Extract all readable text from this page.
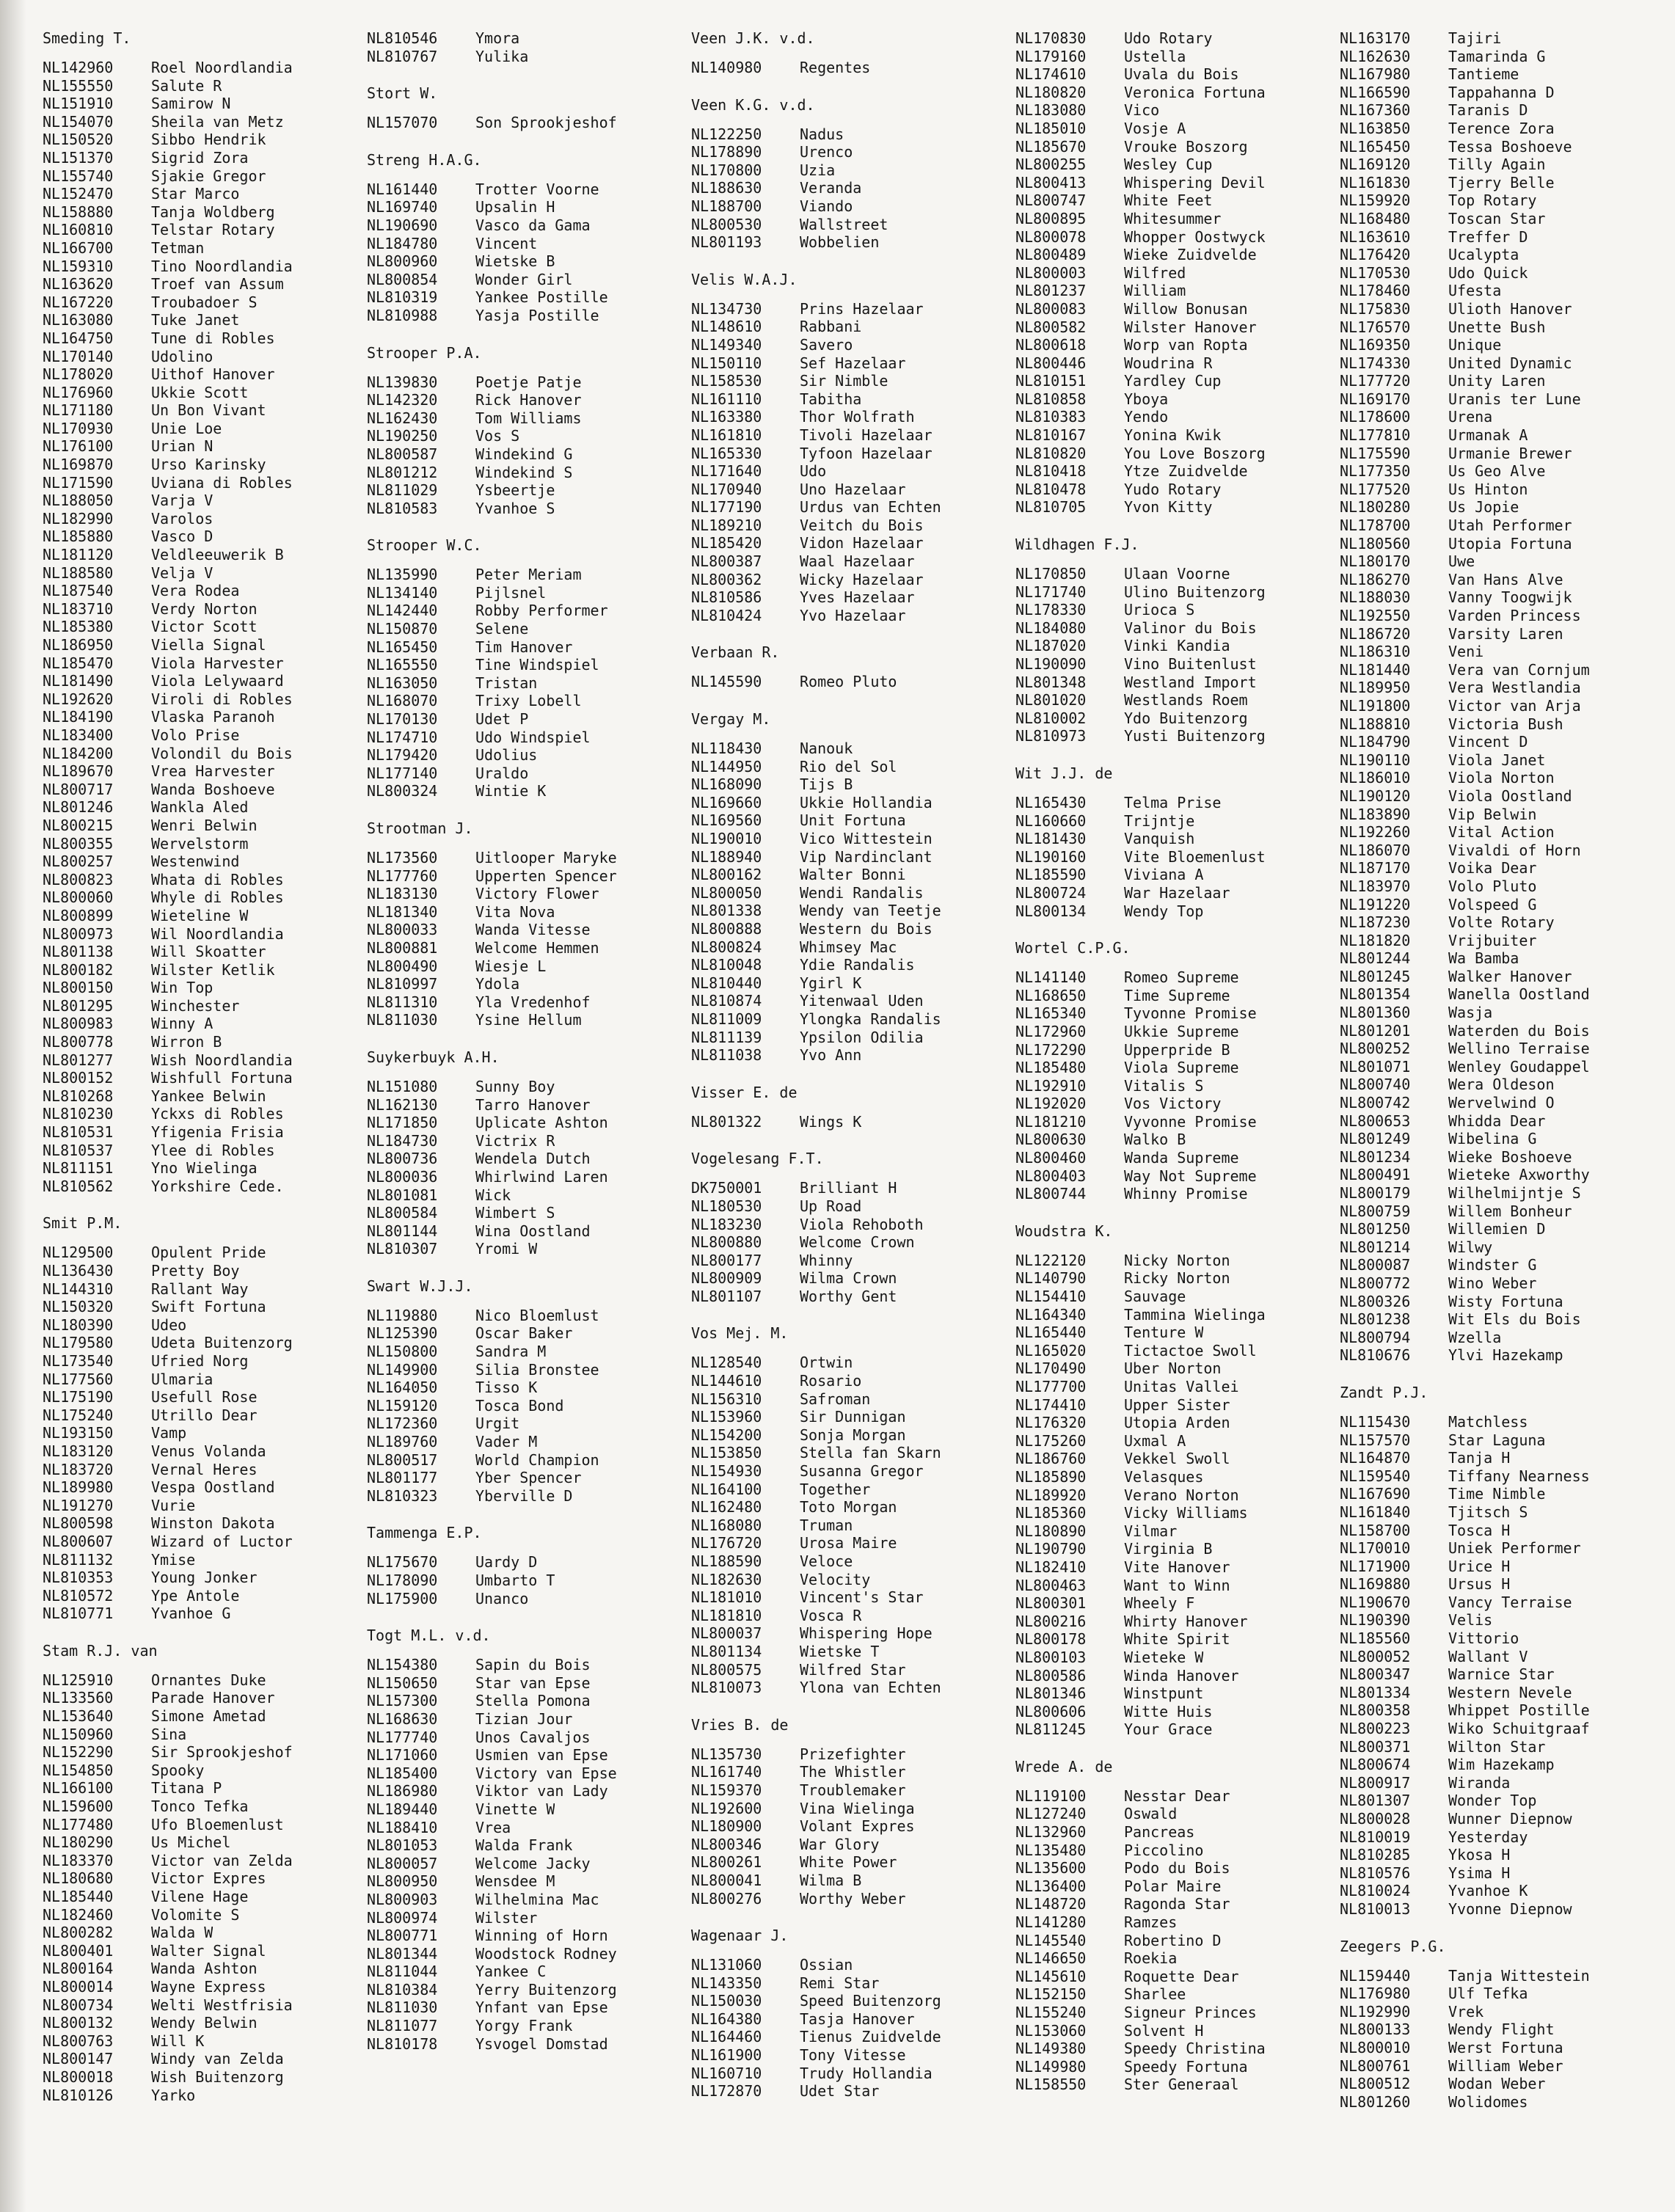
Smeding T.
NL142960	Roel Noordlandia
NL155550	Salute R
NL151910	Samirow N
NL154070	Sheila van Metz
NL150520	Sibbo Hendrik
NL151370	Sigrid Zora
NL155740	Sjakie Gregor
NL152470	Star Marco
NL158880	Tanja Woldberg
NL160810	Telstar Rotary
NL166700	Tetman
NL159310	Tino Noordlandia
NL163620	Troef van Assum
NL167220	Troubadoer S
NL163080	Tuke Janet
NL164750	Tune di Robles
NL170140	Udolino
NL178020	Uithof Hanover
NL176960	Ukkie Scott
NL171180	Un Bon Vivant
NL170930	Unie Loe
NL176100	Urian N
NL169870	Urso Karinsky
NL171590	Uviana di Robles
NL188050	Varja V
NL182990	Varolos
NL185880	Vasco D
NL181120	Veldleeuwerik B
NL188580	Velja V
NL187540	Vera Rodea
NL183710	Verdy Norton
NL185380	Victor Scott
NL186950	Viella Signal
NL185470	Viola Harvester
NL181490	Viola Lelywaard
NL192620	Viroli di Robles
NL184190	Vlaska Paranoh
NL183400	Volo Prise
NL184200	Volondil du Bois
NL189670	Vrea Harvester
NL800717	Wanda Boshoeve
NL801246	Wankla Aled
NL800215	Wenri Belwin
NL800355	Wervelstorm
NL800257	Westenwind
NL800823	Whata di Robles
NL800060	Whyle di Robles
NL800899	Wieteline W
NL800973	Wil Noordlandia
NL801138	Will Skoatter
NL800182	Wilster Ketlik
NL800150	Win Top
NL801295	Winchester
NL800983	Winny A
NL800778	Wirron B
NL801277	Wish Noordlandia
NL800152	Wishfull Fortuna
NL810268	Yankee Belwin
NL810230	Yckxs di Robles
NL810531	Yfigenia Frisia
NL810537	Ylee di Robles
NL811151	Yno Wielinga
NL810562	Yorkshire Cede.
Smit P.M.
NL129500	Opulent Pride
NL136430	Pretty Boy
NL144310	Rallant Way
NL150320	Swift Fortuna
NL180390	Udeo
NL179580	Udeta Buitenzorg
NL173540	Ufried Norg
NL177560	Ulmaria
NL175190	Usefull Rose
NL175240	Utrillo Dear
NL193150	Vamp
NL183120	Venus Volanda
NL183720	Vernal Heres
NL189980	Vespa Oostland
NL191270	Vurie
NL800598	Winston Dakota
NL800607	Wizard of Luctor
NL811132	Ymise
NL810353	Young Jonker
NL810572	Ype Antole
NL810771	Yvanhoe G
Stam R.J. van
NL125910	Ornantes Duke
NL133560	Parade Hanover
NL153640	Simone Ametad
NL150960	Sina
NL152290	Sir Sprookjeshof
NL154850	Spooky
NL166100	Titana P
NL159600	Tonco Tefka
NL177480	Ufo Bloemenlust
NL180290	Us Michel
NL183370	Victor van Zelda
NL180680	Victor Expres
NL185440	Vilene Hage
NL182460	Volomite S
NL800282	Walda W
NL800401	Walter Signal
NL800164	Wanda Ashton
NL800014	Wayne Express
NL800734	Welti Westfrisia
NL800132	Wendy Belwin
NL800763	Will K
NL800147	Windy van Zelda
NL800018	Wish Buitenzorg
NL810126	Yarko
NL810546	Ymora
NL810767	Yulika
Stort W.
NL157070	Son Sprookjeshof
Streng H.A.G.
NL161440	Trotter Voorne
NL169740	Upsalin H
NL190690	Vasco da Gama
NL184780	Vincent
NL800960	Wietske B
NL800854	Wonder Girl
NL810319	Yankee Postille
NL810988	Yasja Postille
Strooper P.A.
NL139830	Poetje Patje
NL142320	Rick Hanover
NL162430	Tom Williams
NL190250	Vos S
NL800587	Windekind G
NL801212	Windekind S
NL811029	Ysbeertje
NL810583	Yvanhoe S
Strooper W.C.
NL135990	Peter Meriam
NL134140	Pijlsnel
NL142440	Robby Performer
NL150870	Selene
NL165450	Tim Hanover
NL165550	Tine Windspiel
NL163050	Tristan
NL168070	Trixy Lobell
NL170130	Udet P
NL174710	Udo Windspiel
NL179420	Udolius
NL177140	Uraldo
NL800324	Wintie K
Strootman J.
NL173560	Uitlooper Maryke
NL177760	Upperten Spencer
NL183130	Victory Flower
NL181340	Vita Nova
NL800033	Wanda Vitesse
NL800881	Welcome Hemmen
NL800490	Wiesje L
NL810997	Ydola
NL811310	Yla Vredenhof
NL811030	Ysine Hellum
Suykerbuyk A.H.
NL151080	Sunny Boy
NL162130	Tarro Hanover
NL171850	Uplicate Ashton
NL184730	Victrix R
NL800736	Wendela Dutch
NL800036	Whirlwind Laren
NL801081	Wick
NL800584	Wimbert S
NL801144	Wina Oostland
NL810307	Yromi W
Swart W.J.J.
NL119880	Nico Bloemlust
NL125390	Oscar Baker
NL150800	Sandra M
NL149900	Silia Bronstee
NL164050	Tisso K
NL159120	Tosca Bond
NL172360	Urgit
NL189760	Vader M
NL800517	World Champion
NL801177	Yber Spencer
NL810323	Yberville D
Tammenga E.P.
NL175670	Uardy D
NL178090	Umbarto T
NL175900	Unanco
Togt M.L. v.d.
NL154380	Sapin du Bois
NL150650	Star van Epse
NL157300	Stella Pomona
NL168630	Tizian Jour
NL177740	Unos Cavaljos
NL171060	Usmien van Epse
NL185400	Victory van Epse
NL186980	Viktor van Lady
NL189440	Vinette W
NL188410	Vrea
NL801053	Walda Frank
NL800057	Welcome Jacky
NL800950	Wensdee M
NL800903	Wilhelmina Mac
NL800974	Wilster
NL800771	Winning of Horn
NL801344	Woodstock Rodney
NL811044	Yankee C
NL810384	Yerry Buitenzorg
NL811030	Ynfant van Epse
NL811077	Yorgy Frank
NL810178	Ysvogel Domstad
Veen J.K. v.d.
NL140980	Regentes
Veen K.G. v.d.
NL122250	Nadus
NL178890	Urenco
NL170800	Uzia
NL188630	Veranda
NL188700	Viando
NL800530	Wallstreet
NL801193	Wobbelien
Velis W.A.J.
NL134730	Prins Hazelaar
NL148610	Rabbani
NL149340	Savero
NL150110	Sef Hazelaar
NL158530	Sir Nimble
NL161110	Tabitha
NL163380	Thor Wolfrath
NL161810	Tivoli Hazelaar
NL165330	Tyfoon Hazelaar
NL171640	Udo
NL170940	Uno Hazelaar
NL177190	Urdus van Echten
NL189210	Veitch du Bois
NL185420	Vidon Hazelaar
NL800387	Waal Hazelaar
NL800362	Wicky Hazelaar
NL810586	Yves Hazelaar
NL810424	Yvo Hazelaar
Verbaan R.
NL145590	Romeo Pluto
Vergay M.
NL118430	Nanouk
NL144950	Rio del Sol
NL168090	Tijs B
NL169660	Ukkie Hollandia
NL169560	Unit Fortuna
NL190010	Vico Wittestein
NL188940	Vip Nardinclant
NL800162	Walter Bonni
NL800050	Wendi Randalis
NL801338	Wendy van Teetje
NL800888	Western du Bois
NL800824	Whimsey Mac
NL810048	Ydie Randalis
NL810440	Ygirl K
NL810874	Yitenwaal Uden
NL811009	Ylongka Randalis
NL811139	Ypsilon Odilia
NL811038	Yvo Ann
Visser E. de
NL801322	Wings K
Vogelesang F.T.
DK750001	Brilliant H
NL180530	Up Road
NL183230	Viola Rehoboth
NL800880	Welcome Crown
NL800177	Whinny
NL800909	Wilma Crown
NL801107	Worthy Gent
Vos Mej. M.
NL128540	Ortwin
NL144610	Rosario
NL156310	Safroman
NL153960	Sir Dunnigan
NL154200	Sonja Morgan
NL153850	Stella fan Skarn
NL154930	Susanna Gregor
NL164100	Together
NL162480	Toto Morgan
NL168080	Truman
NL176720	Urosa Maire
NL188590	Veloce
NL182630	Velocity
NL181010	Vincent's Star
NL181810	Vosca R
NL800037	Whispering Hope
NL801134	Wietske T
NL800575	Wilfred Star
NL810073	Ylona van Echten
Vries B. de
NL135730	Prizefighter
NL161740	The Whistler
NL159370	Troublemaker
NL192600	Vina Wielinga
NL180900	Volant Expres
NL800346	War Glory
NL800261	White Power
NL800041	Wilma B
NL800276	Worthy Weber
Wagenaar J.
NL131060	Ossian
NL143350	Remi Star
NL150030	Speed Buitenzorg
NL164380	Tasja Hanover
NL164460	Tienus Zuidvelde
NL161900	Tony Vitesse
NL160710	Trudy Hollandia
NL172870	Udet Star
NL170830	Udo Rotary
NL179160	Ustella
NL174610	Uvala du Bois
NL180820	Veronica Fortuna
NL183080	Vico
NL185010	Vosje A
NL185670	Vrouke Boszorg
NL800255	Wesley Cup
NL800413	Whispering Devil
NL800747	White Feet
NL800895	Whitesummer
NL800078	Whopper Oostwyck
NL800489	Wieke Zuidvelde
NL800003	Wilfred
NL801237	William
NL800083	Willow Bonusan
NL800582	Wilster Hanover
NL800618	Worp van Ropta
NL800446	Woudrina R
NL810151	Yardley Cup
NL810858	Yboya
NL810383	Yendo
NL810167	Yonina Kwik
NL810820	You Love Boszorg
NL810418	Ytze Zuidvelde
NL810478	Yudo Rotary
NL810705	Yvon Kitty
Wildhagen F.J.
NL170850	Ulaan Voorne
NL171740	Ulino Buitenzorg
NL178330	Urioca S
NL184080	Valinor du Bois
NL187020	Vinki Kandia
NL190090	Vino Buitenlust
NL801348	Westland Import
NL801020	Westlands Roem
NL810002	Ydo Buitenzorg
NL810973	Yusti Buitenzorg
Wit J.J. de
NL165430	Telma Prise
NL160660	Trijntje
NL181430	Vanquish
NL190160	Vite Bloemenlust
NL185590	Viviana A
NL800724	War Hazelaar
NL800134	Wendy Top
Wortel C.P.G.
NL141140	Romeo Supreme
NL168650	Time Supreme
NL165340	Tyvonne Promise
NL172960	Ukkie Supreme
NL172290	Upperpride B
NL185480	Viola Supreme
NL192910	Vitalis S
NL192020	Vos Victory
NL181210	Vyvonne Promise
NL800630	Walko B
NL800460	Wanda Supreme
NL800403	Way Not Supreme
NL800744	Whinny Promise
Woudstra K.
NL122120	Nicky Norton
NL140790	Ricky Norton
NL154410	Sauvage
NL164340	Tammina Wielinga
NL165440	Tenture W
NL165020	Tictactoe Swoll
NL170490	Uber Norton
NL177700	Unitas Vallei
NL174410	Upper Sister
NL176320	Utopia Arden
NL175260	Uxmal A
NL186760	Vekkel Swoll
NL185890	Velasques
NL189920	Verano Norton
NL185360	Vicky Williams
NL180890	Vilmar
NL190790	Virginia B
NL182410	Vite Hanover
NL800463	Want to Winn
NL800301	Wheely F
NL800216	Whirty Hanover
NL800178	White Spirit
NL800103	Wieteke W
NL800586	Winda Hanover
NL801346	Winstpunt
NL800606	Witte Huis
NL811245	Your Grace
Wrede A. de
NL119100	Nesstar Dear
NL127240	Oswald
NL132960	Pancreas
NL135480	Piccolino
NL135600	Podo du Bois
NL136400	Polar Maire
NL148720	Ragonda Star
NL141280	Ramzes
NL145540	Robertino D
NL146650	Roekia
NL145610	Roquette Dear
NL152150	Sharlee
NL155240	Signeur Princes
NL153060	Solvent H
NL149380	Speedy Christina
NL149980	Speedy Fortuna
NL158550	Ster Generaal
NL163170	Tajiri
NL162630	Tamarinda G
NL167980	Tantieme
NL166590	Tappahanna D
NL167360	Taranis D
NL163850	Terence Zora
NL165450	Tessa Boshoeve
NL169120	Tilly Again
NL161830	Tjerry Belle
NL159920	Top Rotary
NL168480	Toscan Star
NL163610	Treffer D
NL176420	Ucalypta
NL170530	Udo Quick
NL178460	Ufesta
NL175830	Ulioth Hanover
NL176570	Unette Bush
NL169350	Unique
NL174330	United Dynamic
NL177720	Unity Laren
NL169170	Uranis ter Lune
NL178600	Urena
NL177810	Urmanak A
NL175590	Urmanie Brewer
NL177350	Us Geo Alve
NL177520	Us Hinton
NL180280	Us Jopie
NL178700	Utah Performer
NL180560	Utopia Fortuna
NL180170	Uwe
NL186270	Van Hans Alve
NL188030	Vanny Toogwijk
NL192550	Varden Princess
NL186720	Varsity Laren
NL186310	Veni
NL181440	Vera van Cornjum
NL189950	Vera Westlandia
NL191800	Victor van Arja
NL188810	Victoria Bush
NL184790	Vincent D
NL190110	Viola Janet
NL186010	Viola Norton
NL190120	Viola Oostland
NL183890	Vip Belwin
NL192260	Vital Action
NL186070	Vivaldi of Horn
NL187170	Voika Dear
NL183970	Volo Pluto
NL191220	Volspeed G
NL187230	Volte Rotary
NL181820	Vrijbuiter
NL801244	Wa Bamba
NL801245	Walker Hanover
NL801354	Wanella Oostland
NL801360	Wasja
NL801201	Waterden du Bois
NL800252	Wellino Terraise
NL801071	Wenley Goudappel
NL800740	Wera Oldeson
NL800742	Wervelwind O
NL800653	Whidda Dear
NL801249	Wibelina G
NL801234	Wieke Boshoeve
NL800491	Wieteke Axworthy
NL800179	Wilhelmijntje S
NL800759	Willem Bonheur
NL801250	Willemien D
NL801214	Wilwy
NL800087	Windster G
NL800772	Wino Weber
NL800326	Wisty Fortuna
NL801238	Wit Els du Bois
NL800794	Wzella
NL810676	Ylvi Hazekamp
Zandt P.J.
NL115430	Matchless
NL157570	Star Laguna
NL164870	Tanja H
NL159540	Tiffany Nearness
NL167690	Time Nimble
NL161840	Tjitsch S
NL158700	Tosca H
NL170010	Uniek Performer
NL171900	Urice H
NL169880	Ursus H
NL190670	Vancy Terraise
NL190390	Velis
NL185560	Vittorio
NL800052	Wallant V
NL800347	Warnice Star
NL801334	Western Nevele
NL800358	Whippet Postille
NL800223	Wiko Schuitgraaf
NL800371	Wilton Star
NL800674	Wim Hazekamp
NL800917	Wiranda
NL801307	Wonder Top
NL800028	Wunner Diepnow
NL810019	Yesterday
NL810285	Ykosa H
NL810576	Ysima H
NL810024	Yvanhoe K
NL810013	Yvonne Diepnow
Zeegers P.G.
NL159440	Tanja Wittestein
NL176980	Ulf Tefka
NL192990	Vrek
NL800133	Wendy Flight
NL800010	Werst Fortuna
NL800761	William Weber
NL800512	Wodan Weber
NL801260	Wolidomes
